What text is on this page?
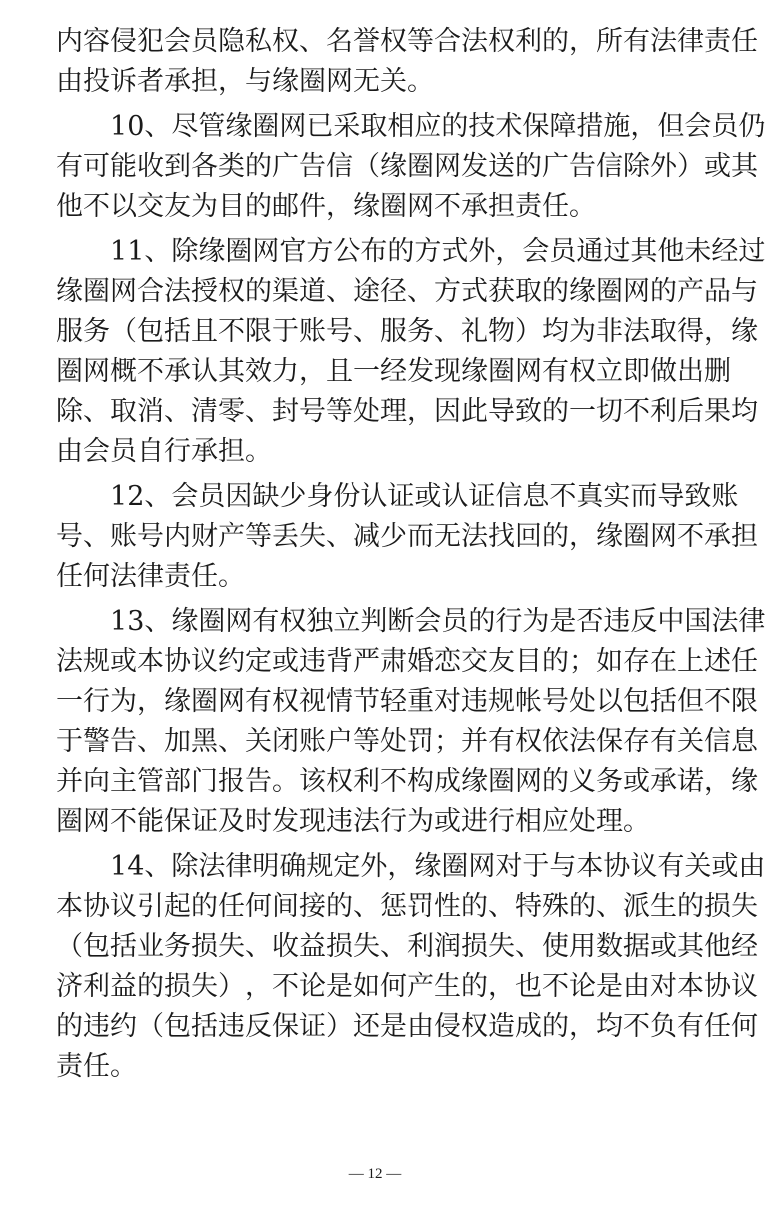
内 容 侵 犯 会 员 隐 私 权 、 名 誉 权 等 合 法 权 利 的 ， 所 有 法 律 责 任
由投诉者承担，与缘圈网无关。
1 0 、 尽 管 缘 圈 网 已 采 取 相 应 的 技 术 保 障 措 施 ， 但 会 员 仍
有 可 能 收 到 各 类 的 广 告 信 （ 缘 圈 网 发 送 的 广 告 信 除 外 ） 或 其
他不以交友为目的邮件，缘圈网不承担责任。
1 1 、 除 缘 圈 网 官 方 公 布 的 方 式 外 ， 会 员 通 过 其 他 未 经 过
缘 圈 网 合 法 授 权 的 渠 道 、 途 径 、 方 式 获 取 的 缘 圈 网 的 产 品 与
服 务 （ 包 括 且 不 限 于 账 号 、 服 务 、 礼 物 ） 均 为 非 法 取 得 ， 缘
圈 网 概 不 承 认 其 效 力 ， 且 一 经 发 现 缘 圈 网 有 权 立 即 做 出 删
除 、 取 消 、 清 零 、 封 号 等 处 理 ， 因 此 导 致 的 一 切 不 利 后 果 均
由会员自行承担。
1 2 、 会 员 因 缺 少 身 份 认 证 或 认 证 信 息 不 真 实 而 导 致 账
号 、 账 号 内 财 产 等 丢 失 、 减 少 而 无 法 找 回 的 ， 缘 圈 网 不 承 担
任何法律责任。
1 3 、 缘 圈 网 有 权 独 立 判 断 会 员 的 行 为 是 否 违 反 中 国 法 律
法 规 或 本 协 议 约 定 或 违 背 严 肃 婚 恋 交 友 目 的 ； 如 存 在 上 述 任
一 行 为 ， 缘 圈 网 有 权 视 情 节 轻 重 对 违 规 帐 号 处 以 包 括 但 不 限
于 警 告 、 加 黑 、 关 闭 账 户 等 处 罚 ； 并 有 权 依 法 保 存 有 关 信 息
并 向 主 管 部 门 报 告 。 该 权 利 不 构 成 缘 圈 网 的 义 务 或 承 诺 ， 缘
圈网不能保证及时发现违法行为或进行相应处理。
1 4 、 除 法 律 明 确 规 定 外 ， 缘 圈 网 对 于 与 本 协 议 有 关 或 由
本 协 议 引 起 的 任 何 间 接 的 、 惩 罚 性 的 、 特 殊 的 、 派 生 的 损 失
（ 包 括 业 务 损 失 、 收 益 损 失 、 利 润 损 失 、 使 用 数 据 或 其 他 经
济 利 益 的 损 失 ） ， 不 论 是 如 何 产 生 的 ， 也 不 论 是 由 对 本 协 议
的 违 约 （ 包 括 违 反 保 证 ） 还 是 由 侵 权 造 成 的 ， 均 不 负 有 任 何
责任。
— 12 —
